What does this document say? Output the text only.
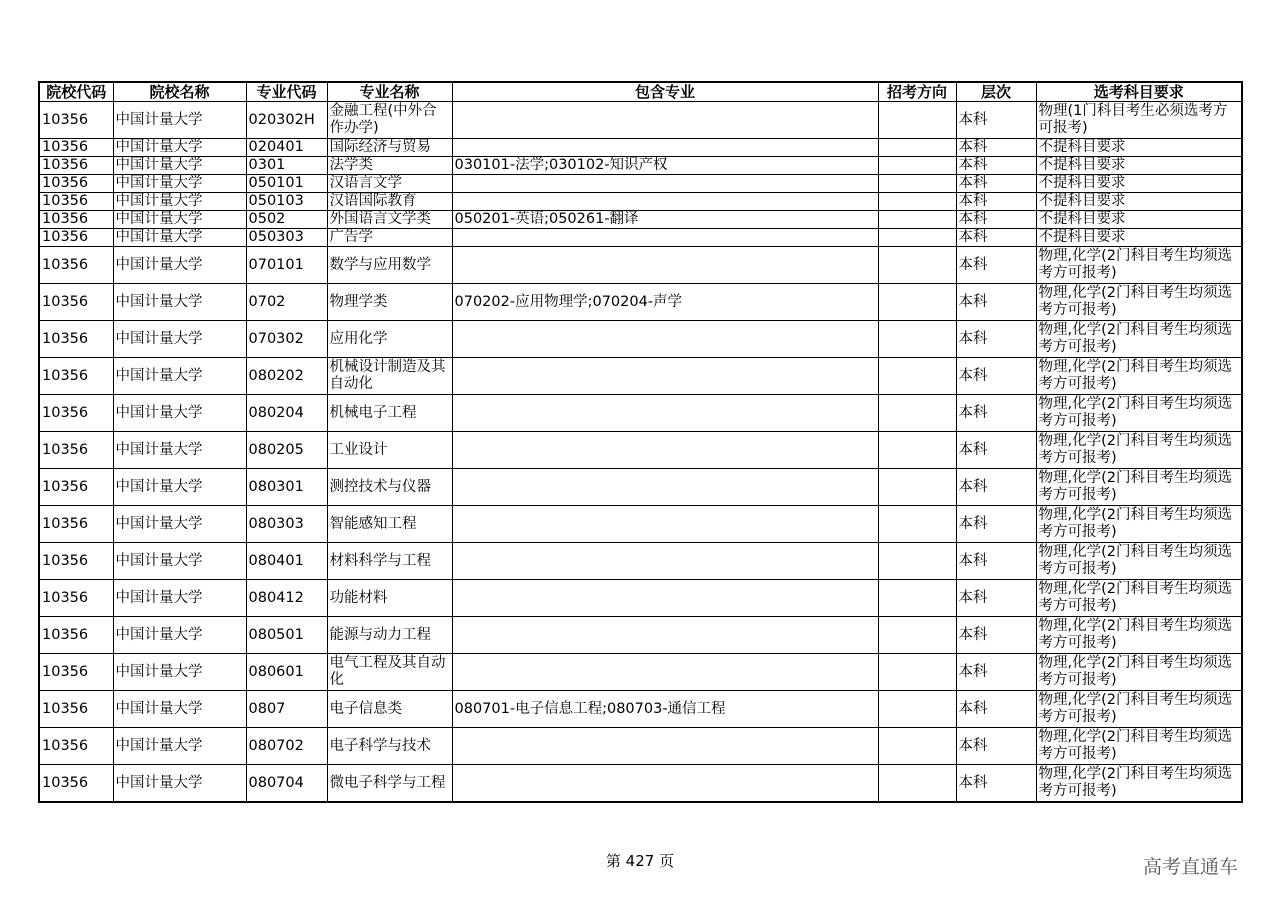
院校代码	院校名称	专业代码	专业名称	包含专业	招考方向	层次	选考科目要求
10356	中国计量大学	020302H	金融工程(中外合作办学)			本科	物理(1门科目考生必须选考方可报考)
10356	中国计量大学	020401	国际经济与贸易			本科	不提科目要求
10356	中国计量大学	0301	法学类	030101-法学;030102-知识产权		本科	不提科目要求
10356	中国计量大学	050101	汉语言文学			本科	不提科目要求
10356	中国计量大学	050103	汉语国际教育			本科	不提科目要求
10356	中国计量大学	0502	外国语言文学类	050201-英语;050261-翻译		本科	不提科目要求
10356	中国计量大学	050303	广告学			本科	不提科目要求
10356	中国计量大学	070101	数学与应用数学			本科	物理,化学(2门科目考生均须选考方可报考)
10356	中国计量大学	0702	物理学类	070202-应用物理学;070204-声学		本科	物理,化学(2门科目考生均须选考方可报考)
10356	中国计量大学	070302	应用化学			本科	物理,化学(2门科目考生均须选考方可报考)
10356	中国计量大学	080202	机械设计制造及其自动化			本科	物理,化学(2门科目考生均须选考方可报考)
10356	中国计量大学	080204	机械电子工程			本科	物理,化学(2门科目考生均须选考方可报考)
10356	中国计量大学	080205	工业设计			本科	物理,化学(2门科目考生均须选考方可报考)
10356	中国计量大学	080301	测控技术与仪器			本科	物理,化学(2门科目考生均须选考方可报考)
10356	中国计量大学	080303	智能感知工程			本科	物理,化学(2门科目考生均须选考方可报考)
10356	中国计量大学	080401	材料科学与工程			本科	物理,化学(2门科目考生均须选考方可报考)
10356	中国计量大学	080412	功能材料			本科	物理,化学(2门科目考生均须选考方可报考)
10356	中国计量大学	080501	能源与动力工程			本科	物理,化学(2门科目考生均须选考方可报考)
10356	中国计量大学	080601	电气工程及其自动化			本科	物理,化学(2门科目考生均须选考方可报考)
10356	中国计量大学	0807	电子信息类	080701-电子信息工程;080703-通信工程		本科	物理,化学(2门科目考生均须选考方可报考)
10356	中国计量大学	080702	电子科学与技术			本科	物理,化学(2门科目考生均须选考方可报考)
10356	中国计量大学	080704	微电子科学与工程			本科	物理,化学(2门科目考生均须选考方可报考)
第 427 页	高考直通车
